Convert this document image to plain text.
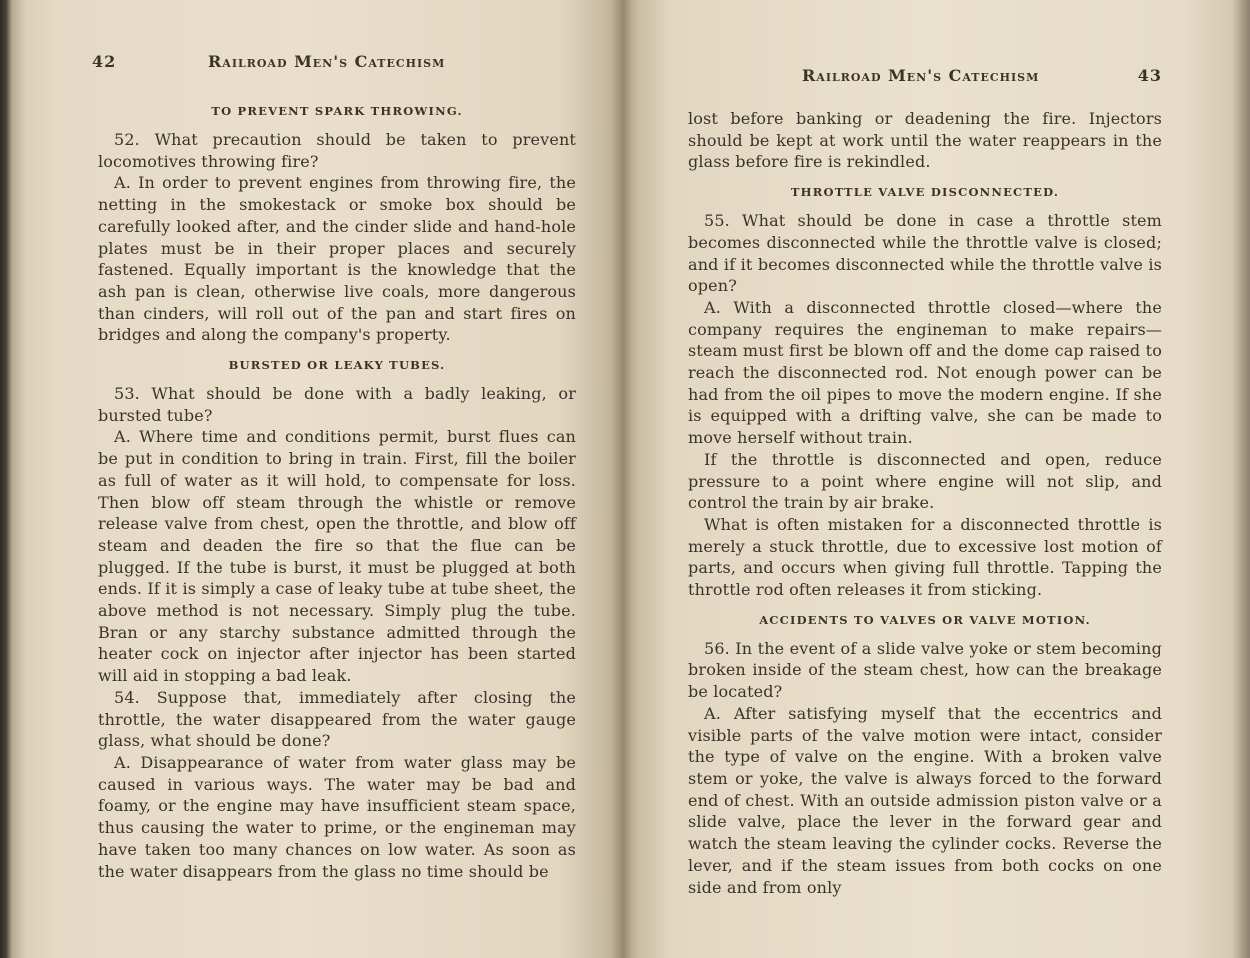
42	Railroad Men's Catechism
TO PREVENT SPARK THROWING.

52. What precaution should be taken to prevent locomotives throwing fire?

A. In order to prevent engines from throwing fire, the netting in the smokestack or smoke box should be carefully looked after, and the cinder slide and hand-hole plates must be in their proper places and securely fastened. Equally important is the knowledge that the ash pan is clean, otherwise live coals, more dangerous than cinders, will roll out of the pan and start fires on bridges and along the company's property.

BURSTED OR LEAKY TUBES.

53. What should be done with a badly leaking, or bursted tube?

A. Where time and conditions permit, burst flues can be put in condition to bring in train. First, fill the boiler as full of water as it will hold, to compensate for loss. Then blow off steam through the whistle or remove release valve from chest, open the throttle, and blow off steam and deaden the fire so that the flue can be plugged. If the tube is burst, it must be plugged at both ends. If it is simply a case of leaky tube at tube sheet, the above method is not necessary. Simply plug the tube. Bran or any starchy substance admitted through the heater cock on injector after injector has been started will aid in stopping a bad leak.

54. Suppose that, immediately after closing the throttle, the water disappeared from the water gauge glass, what should be done?

A. Disappearance of water from water glass may be caused in various ways. The water may be bad and foamy, or the engine may have insufficient steam space, thus causing the water to prime, or the engineman may have taken too many chances on low water. As soon as the water disappears from the glass no time should be

Railroad Men's Catechism	43

lost before banking or deadening the fire. Injectors should be kept at work until the water reappears in the glass before fire is rekindled.

THROTTLE VALVE DISCONNECTED.

55. What should be done in case a throttle stem becomes disconnected while the throttle valve is closed; and if it becomes disconnected while the throttle valve is open?

A. With a disconnected throttle closed—where the company requires the engineman to make repairs—steam must first be blown off and the dome cap raised to reach the disconnected rod. Not enough power can be had from the oil pipes to move the modern engine. If she is equipped with a drifting valve, she can be made to move herself without train.

If the throttle is disconnected and open, reduce pressure to a point where engine will not slip, and control the train by air brake.

What is often mistaken for a disconnected throttle is merely a stuck throttle, due to excessive lost motion of parts, and occurs when giving full throttle. Tapping the throttle rod often releases it from sticking.

ACCIDENTS TO VALVES OR VALVE MOTION.

56. In the event of a slide valve yoke or stem becoming broken inside of the steam chest, how can the breakage be located?

A. After satisfying myself that the eccentrics and visible parts of the valve motion were intact, consider the type of valve on the engine. With a broken valve stem or yoke, the valve is always forced to the forward end of chest. With an outside admission piston valve or a slide valve, place the lever in the forward gear and watch the steam leaving the cylinder cocks. Reverse the lever, and if the steam issues from both cocks on one side and from only
